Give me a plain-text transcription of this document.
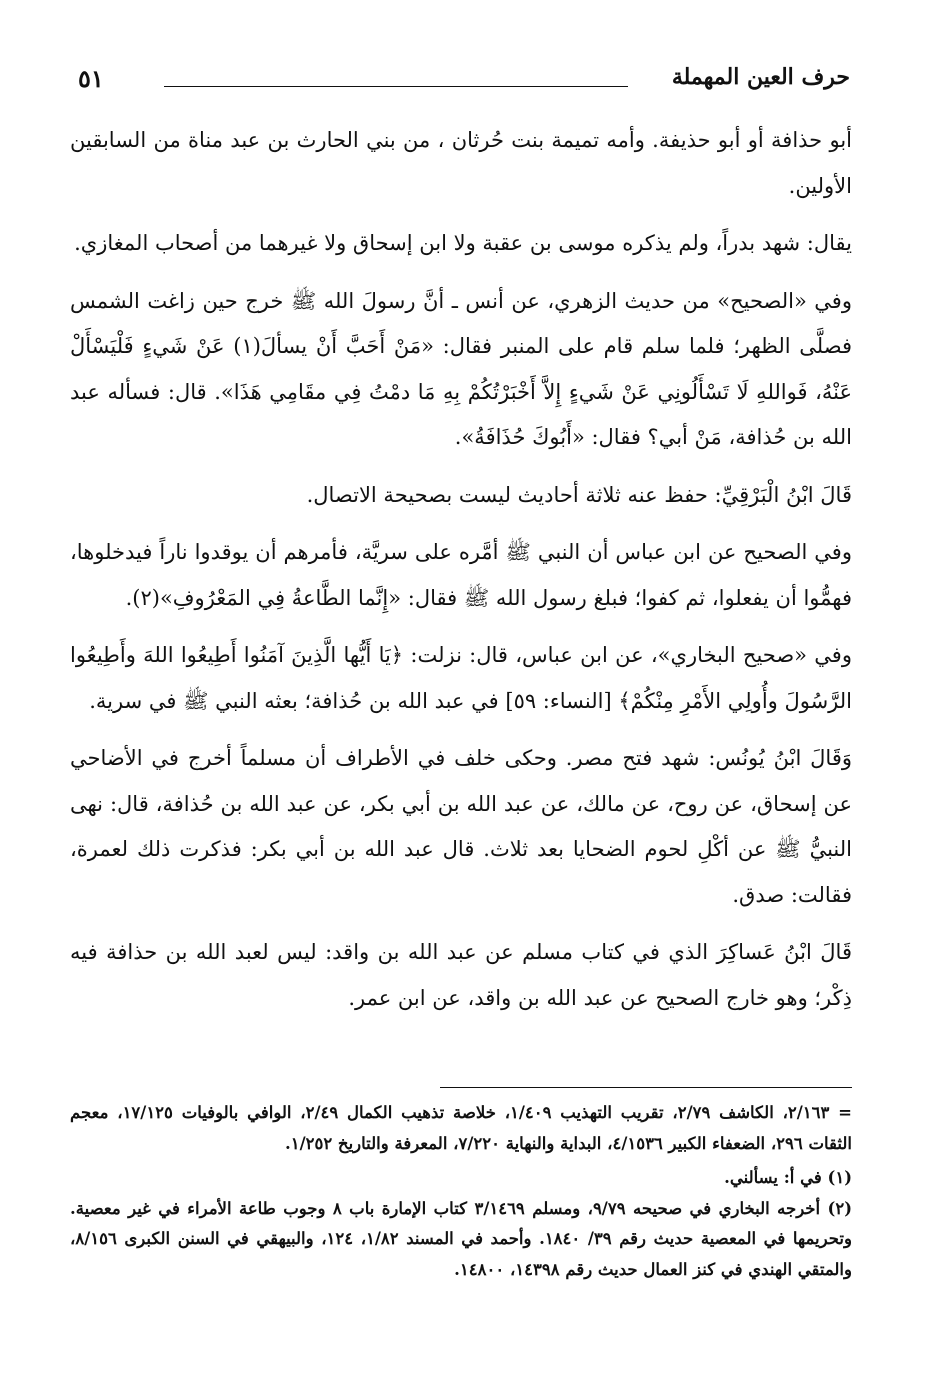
حرف العين المهملة
٥١

أبو حذافة أو أبو حذيفة. وأمه تميمة بنت حُرثان ، من بني الحارث بن عبد مناة من السابقين الأولين.

يقال: شهد بدراً، ولم يذكره موسى بن عقبة ولا ابن إسحاق ولا غيرهما من أصحاب المغازي.

وفي «الصحيح» من حديث الزهري، عن أنس ـ أنَّ رسولَ الله ﷺ خرج حين زاغت الشمس فصلَّى الظهر؛ فلما سلم قام على المنبر فقال: «مَنْ أَحَبَّ أَنْ يسألَ(١) عَنْ شَيءٍ فَلْيَسْأَلْ عَنْهُ، فَواللهِ لَا تَسْأَلُونِي عَنْ شَيءٍ إِلاَّ أَخْبَرْتُكُمْ بِهِ مَا دمْتُ فِي مقَامِي هَذَا». قال: فسأله عبد الله بن حُذافة، مَنْ أبي؟ فقال: «أَبُوكَ حُذَافَةُ».

قَالَ ابْنُ الْبَرْقِيِّ: حفظ عنه ثلاثة أحاديث ليست بصحيحة الاتصال.

وفي الصحيح عن ابن عباس أن النبي ﷺ أمَّره على سريَّة، فأمرهم أن يوقدوا ناراً فيدخلوها، فهمُّوا أن يفعلوا، ثم كفوا؛ فبلغ رسول الله ﷺ فقال: «إِنَّما الطَّاعةُ فِي المَعْرُوفِ»(٢).

وفي «صحيح البخاري»، عن ابن عباس، قال: نزلت: ﴿يَا أَيُّها الَّذِينَ آمَنُوا أَطِيعُوا اللهَ وأَطِيعُوا الرَّسُولَ وأُولِي الأَمْرِ مِنْكُمْ﴾ [النساء: ٥٩] في عبد الله بن حُذافة؛ بعثه النبي ﷺ في سرية.

وَقَالَ ابْنُ يُونُس: شهد فتح مصر. وحكى خلف في الأطراف أن مسلماً أخرج في الأضاحي عن إسحاق، عن روح، عن مالك، عن عبد الله بن أبي بكر، عن عبد الله بن حُذافة، قال: نهى النبيُّ ﷺ عن أكْلِ لحوم الضحايا بعد ثلاث. قال عبد الله بن أبي بكر: فذكرت ذلك لعمرة، فقالت: صدق.

قَالَ ابْنُ عَساكِرَ الذي في كتاب مسلم عن عبد الله بن واقد: ليس لعبد الله بن حذافة فيه ذِكْر؛ وهو خارج الصحيح عن عبد الله بن واقد، عن ابن عمر.

= ٢/١٦٣، الكاشف ٢/٧٩، تقريب التهذيب ١/٤٠٩، خلاصة تذهيب الكمال ٢/٤٩، الوافي بالوفيات ١٧/١٢٥، معجم الثقات ٢٩٦، الضعفاء الكبير ٤/١٥٣٦، البداية والنهاية ٧/٢٢٠، المعرفة والتاريخ ١/٢٥٢.

(١) في أ: يسألني.

(٢) أخرجه البخاري في صحيحه ٩/٧٩، ومسلم ٣/١٤٦٩ كتاب الإمارة باب ٨ وجوب طاعة الأمراء في غير معصية. وتحريمها في المعصية حديث رقم ٣٩/ ١٨٤٠. وأحمد في المسند ١/٨٢، ١٢٤، والبيهقي في السنن الكبرى ٨/١٥٦، والمتقي الهندي في كنز العمال حديث رقم ١٤٣٩٨، ١٤٨٠٠.
